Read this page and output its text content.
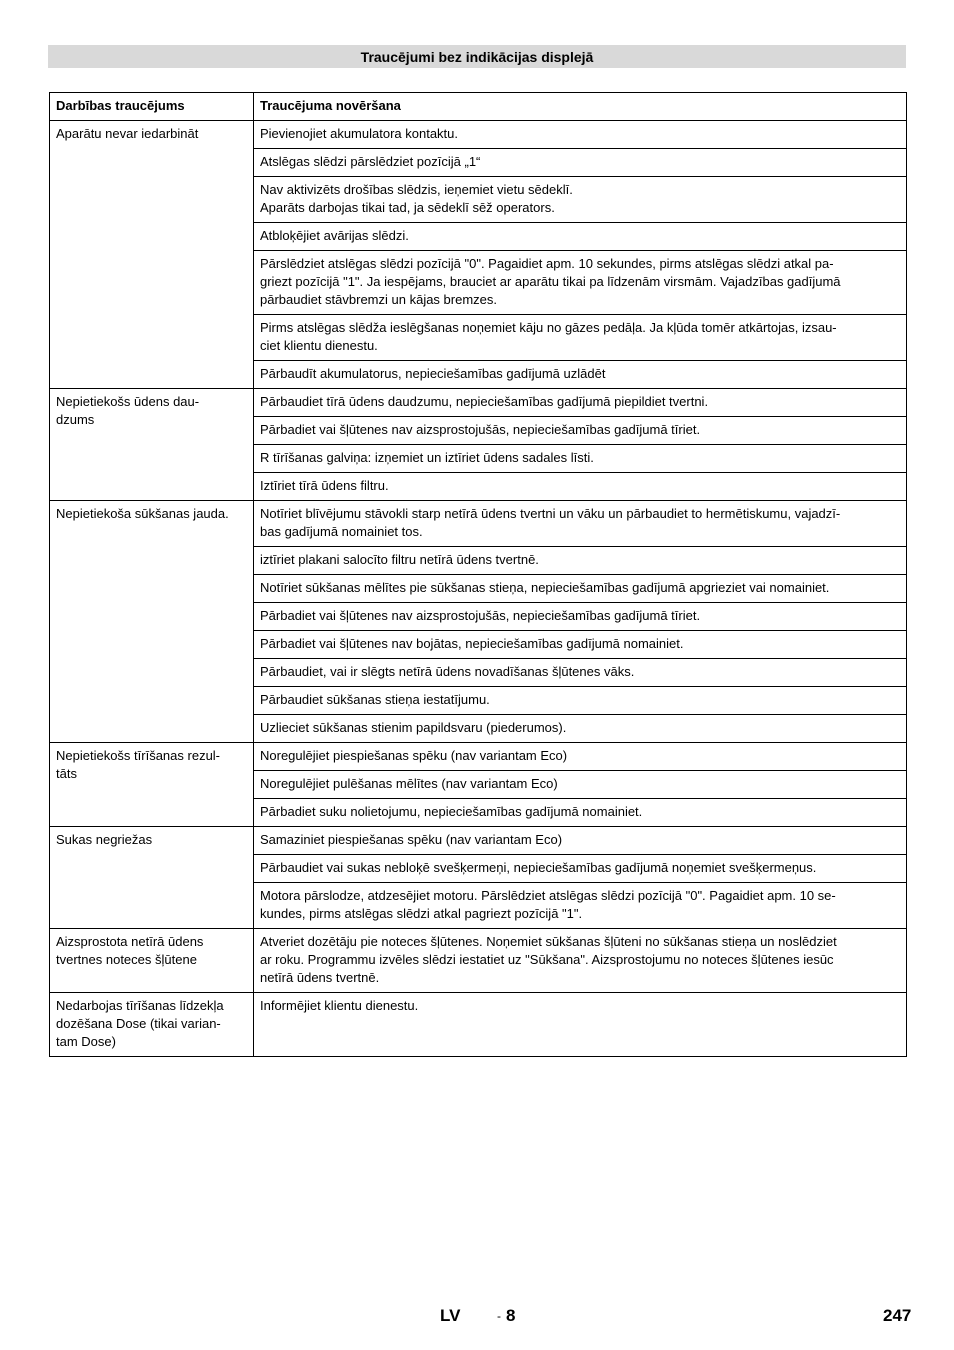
Traucējumi bez indikācijas displejā
Darbības traucējums	Traucējuma novēršana
Aparātu nevar iedarbināt	Pievienojiet akumulatora kontaktu.
	Atslēgas slēdzi pārslēdziet pozīcijā „1“
	Nav aktivizēts drošības slēdzis, ieņemiet vietu sēdeklī.
Aparāts darbojas tikai tad, ja sēdeklī sēž operators.
	Atbloķējiet avārijas slēdzi.
	Pārslēdziet atslēgas slēdzi pozīcijā "0". Pagaidiet apm. 10 sekundes, pirms atslēgas slēdzi atkal pa-
griezt pozīcijā "1". Ja iespējams, brauciet ar aparātu tikai pa līdzenām virsmām. Vajadzības gadījumā
pārbaudiet stāvbremzi un kājas bremzes.
	Pirms atslēgas slēdža ieslēgšanas noņemiet kāju no gāzes pedāļa. Ja kļūda tomēr atkārtojas, izsau-
ciet klientu dienestu.
	Pārbaudīt akumulatorus, nepieciešamības gadījumā uzlādēt
Nepietiekošs ūdens dau-
dzums	Pārbaudiet tīrā ūdens daudzumu, nepieciešamības gadījumā piepildiet tvertni.
	Pārbadiet vai šļūtenes nav aizsprostojušās, nepieciešamības gadījumā tīriet.
	R tīrīšanas galviņa: izņemiet un iztīriet ūdens sadales līsti.
	Iztīriet tīrā ūdens filtru.
Nepietiekoša sūkšanas jauda.	Notīriet blīvējumu stāvokli starp netīrā ūdens tvertni un vāku un pārbaudiet to hermētiskumu, vajadzī-
bas gadījumā nomainiet tos.
	iztīriet plakani salocīto filtru netīrā ūdens tvertnē.
	Notīriet sūkšanas mēlītes pie sūkšanas stieņa, nepieciešamības gadījumā apgrieziet vai nomainiet.
	Pārbadiet vai šļūtenes nav aizsprostojušās, nepieciešamības gadījumā tīriet.
	Pārbadiet vai šļūtenes nav bojātas, nepieciešamības gadījumā nomainiet.
	Pārbaudiet, vai ir slēgts netīrā ūdens novadīšanas šļūtenes vāks.
	Pārbaudiet sūkšanas stieņa iestatījumu.
	Uzlieciet sūkšanas stienim papildsvaru (piederumos).
Nepietiekošs tīrīšanas rezul-
tāts	Noregulējiet piespiešanas spēku (nav variantam Eco)
	Noregulējiet pulēšanas mēlītes (nav variantam Eco)
	Pārbadiet suku nolietojumu, nepieciešamības gadījumā nomainiet.
Sukas negriežas	Samaziniet piespiešanas spēku (nav variantam Eco)
	Pārbaudiet vai sukas nebloķē svešķermeņi, nepieciešamības gadījumā noņemiet svešķermeņus.
	Motora pārslodze, atdzesējiet motoru. Pārslēdziet atslēgas slēdzi pozīcijā "0". Pagaidiet apm. 10 se-
kundes, pirms atslēgas slēdzi atkal pagriezt pozīcijā "1".
Aizsprostota netīrā ūdens
tvertnes noteces šļūtene	Atveriet dozētāju pie noteces šļūtenes. Noņemiet sūkšanas šļūteni no sūkšanas stieņa un noslēdziet
ar roku. Programmu izvēles slēdzi iestatiet uz "Sūkšana". Aizsprostojumu no noteces šļūtenes iesūc
netīrā ūdens tvertnē.
Nedarbojas tīrīšanas līdzekļa
dozēšana Dose (tikai varian-
tam Dose)	Informējiet klientu dienestu.
LV	- 8	247
